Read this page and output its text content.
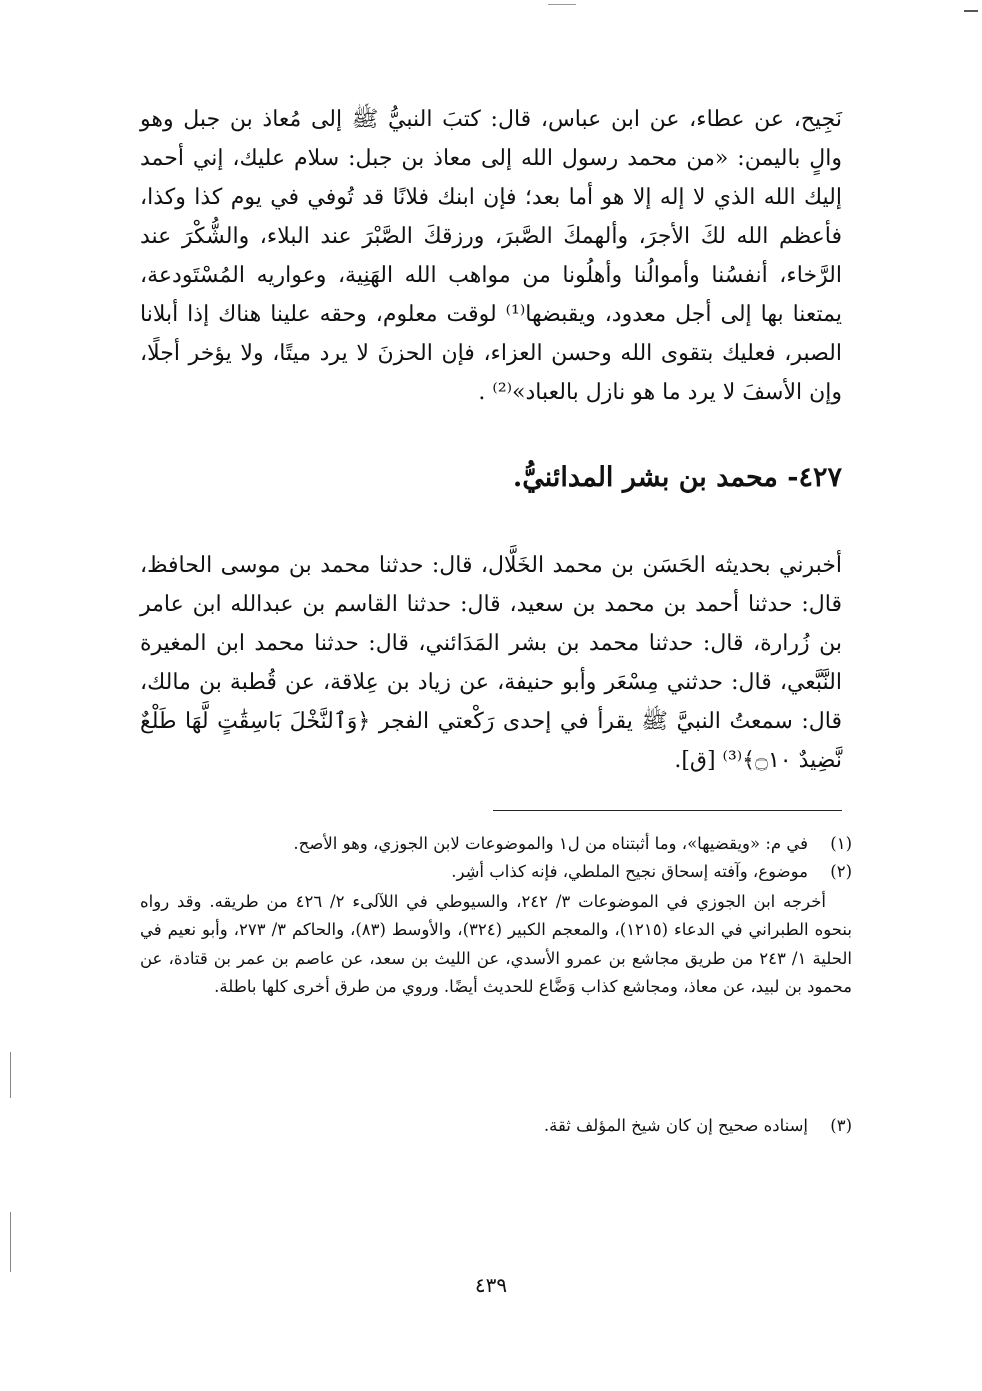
نَجِيح، عن عطاء، عن ابن عباس، قال: كتبَ النبيُّ ﷺ إلى مُعاذ بن جبل وهو والٍ باليمن: «من محمد رسول الله إلى معاذ بن جبل: سلام عليك، إني أحمد إليك الله الذي لا إله إلا هو أما بعد؛ فإن ابنك فلانًا قد تُوفي في يوم كذا وكذا، فأعظم الله لكَ الأجرَ، وألهمكَ الصَّبرَ، ورزقكَ الصَّبْرَ عند البلاء، والشُّكْرَ عند الرَّخاء، أنفسُنا وأموالُنا وأهلُونا من مواهب الله الهَنِية، وعواريه المُسْتَودعة، يمتعنا بها إلى أجل معدود، ويقبضها⁽¹⁾ لوقت معلوم، وحقه علينا هناك إذا أبلانا الصبر، فعليك بتقوى الله وحسن العزاء، فإن الحزنَ لا يرد ميتًا، ولا يؤخر أجلًا، وإن الأسفَ لا يرد ما هو نازل بالعباد»⁽²⁾ .

٤٢٧- محمد بن بشر المدائنيُّ.

أخبرني بحديثه الحَسَن بن محمد الخَلَّال، قال: حدثنا محمد بن موسى الحافظ، قال: حدثنا أحمد بن محمد بن سعيد، قال: حدثنا القاسم بن عبدالله ابن عامر بن زُرارة، قال: حدثنا محمد بن بشر المَدَائني، قال: حدثنا محمد ابن المغيرة النَّبَّعي، قال: حدثني مِسْعَر وأبو حنيفة، عن زياد بن عِلاقة، عن قُطبة بن مالك، قال: سمعتُ النبيَّ ﷺ يقرأ في إحدى رَكْعتي الفجر ﴿وَٱلنَّخْلَ بَاسِقَٰتٍ لَّهَا طَلْعٌ نَّضِيدٌ ۝١٠﴾⁽³⁾ [ق].

(١)
في م: «ويقضيها»، وما أثبتناه من ل١ والموضوعات لابن الجوزي، وهو الأصح.
(٢)
موضوع، وآفته إسحاق نجيح الملطي، فإنه كذاب أشِر.
أخرجه ابن الجوزي في الموضوعات ٣/ ٢٤٢، والسيوطي في اللآلىء ٢/ ٤٢٦ من طريقه. وقد رواه بنحوه الطبراني في الدعاء (١٢١٥)، والمعجم الكبير (٣٢٤)، والأوسط (٨٣)، والحاكم ٣/ ٢٧٣، وأبو نعيم في الحلية ١/ ٢٤٣ من طريق مجاشع بن عمرو الأسدي، عن الليث بن سعد، عن عاصم بن عمر بن قتادة، عن محمود بن لبيد، عن معاذ، ومجاشع كذاب وَضَّاع للحديث أيضًا. وروي من طرق أخرى كلها باطلة.
(٣)
إسناده صحيح إن كان شيخ المؤلف ثقة.
٤٣٩
